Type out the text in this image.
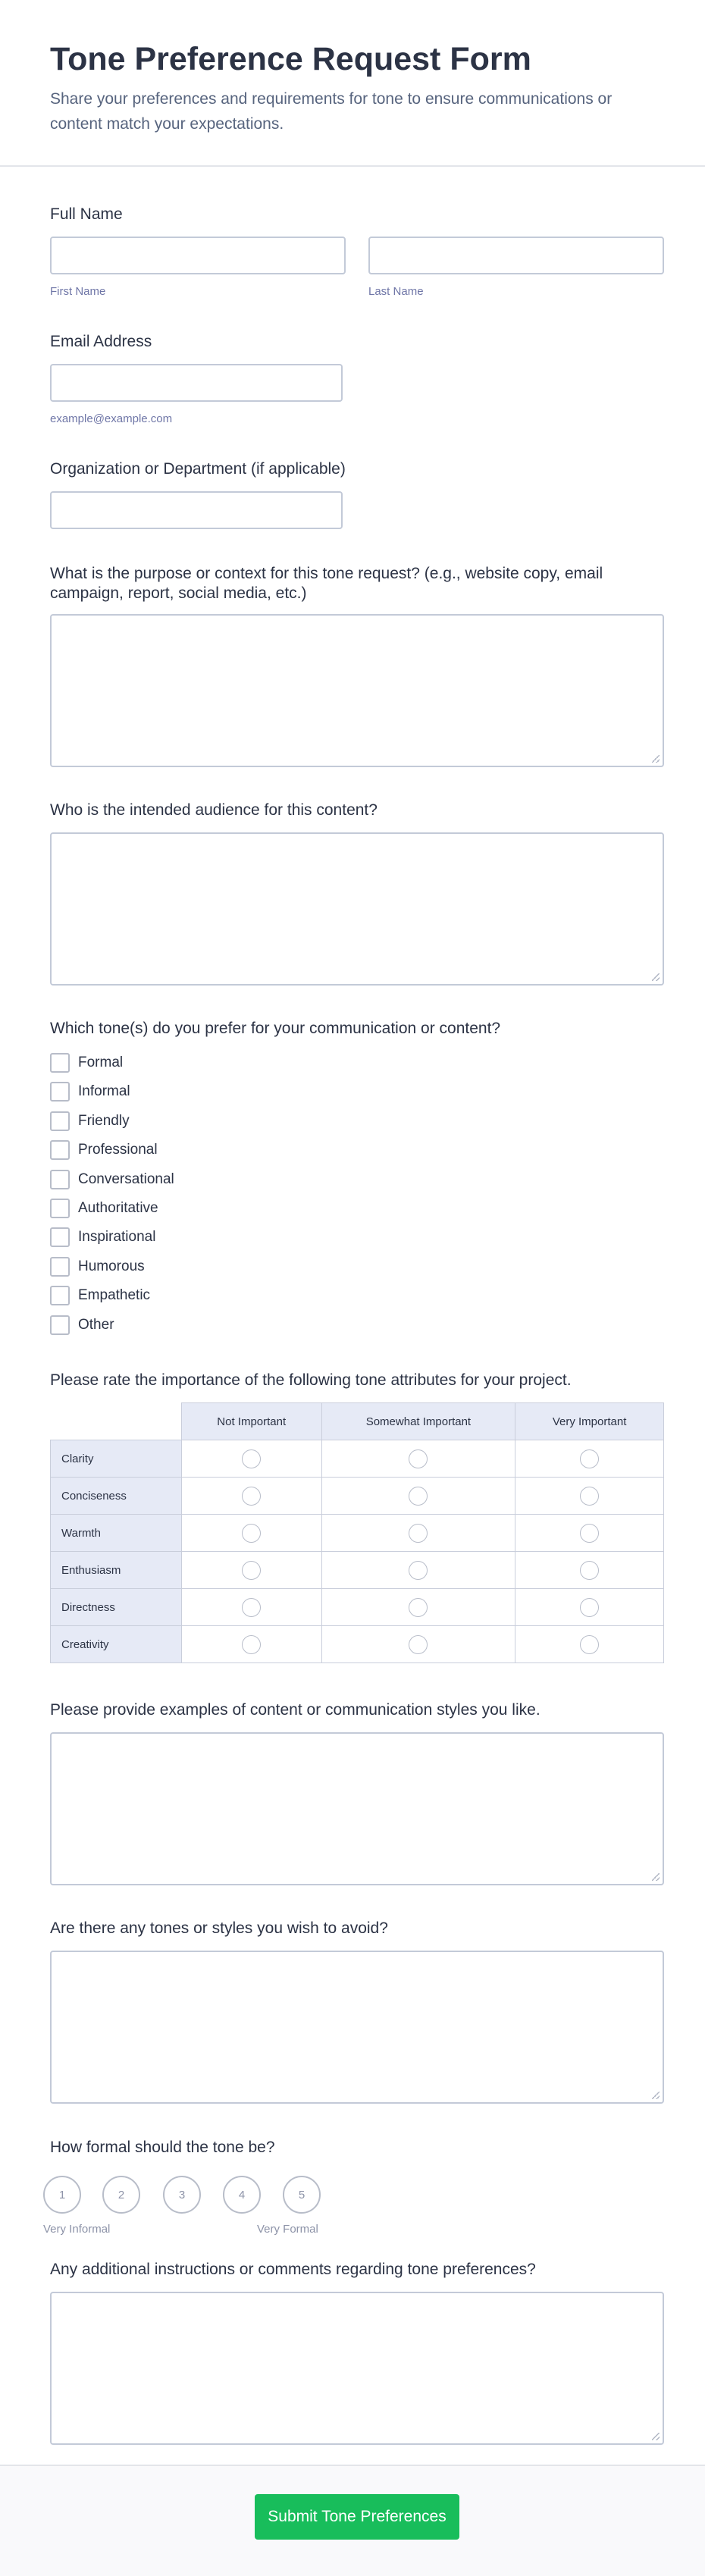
Tone Preference Request Form

Share your preferences and requirements for tone to ensure communications or content match your expectations.

Full Name
First Name	Last Name
Email Address
example@example.com
Organization or Department (if applicable)
What is the purpose or context for this tone request? (e.g., website copy, email campaign, report, social media, etc.)
Who is the intended audience for this content?
Which tone(s) do you prefer for your communication or content?
Formal
Informal
Friendly
Professional
Conversational
Authoritative
Inspirational
Humorous
Empathetic
Other
Please rate the importance of the following tone attributes for your project.
	Not Important	Somewhat Important	Very Important
Clarity			
Conciseness			
Warmth			
Enthusiasm			
Directness			
Creativity			
Please provide examples of content or communication styles you like.
Are there any tones or styles you wish to avoid?
How formal should the tone be?
1	2	3	4	5
Very Informal	Very Formal
Any additional instructions or comments regarding tone preferences?
Submit Tone Preferences
